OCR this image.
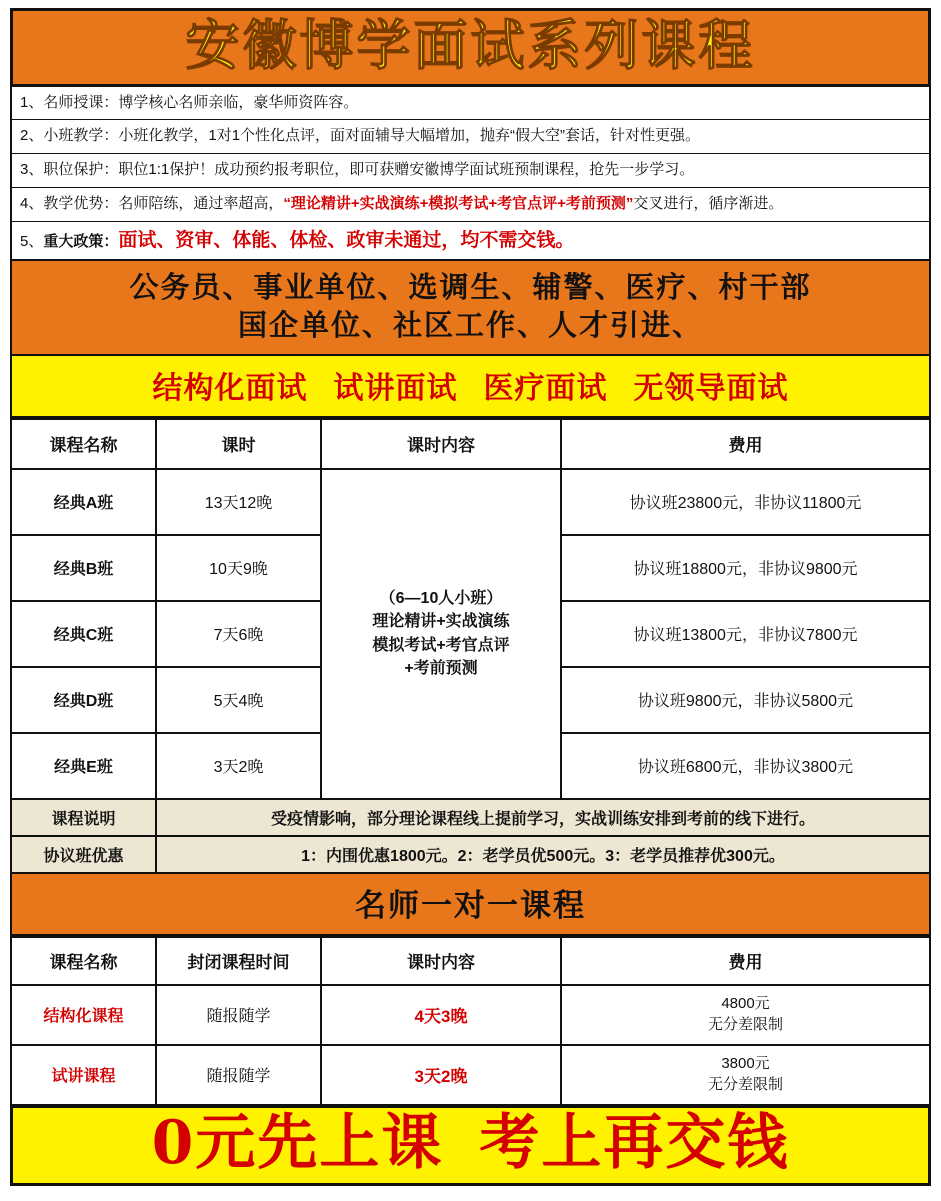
安徽博学面试系列课程
1、名师授课：博学核心名师亲临，豪华师资阵容。
2、小班教学：小班化教学，1对1个性化点评，面对面辅导大幅增加，抛弃“假大空”套话，针对性更强。
3、职位保护：职位1:1保护！成功预约报考职位，即可获赠安徽博学面试班预制课程，抢先一步学习。
4、教学优势：名师陪练，通过率超高，“理论精讲+实战演练+模拟考试+考官点评+考前预测”交叉进行，循序渐进。
5、重大政策：面试、资审、体能、体检、政审未通过，均不需交钱。
公务员、事业单位、选调生、辅警、医疗、村干部
国企单位、社区工作、人才引进、
结构化面试 试讲面试 医疗面试 无领导面试
课程名称	课时	课时内容	费用
经典A班	13天12晚	（6—10人小班）
理论精讲+实战演练
模拟考试+考官点评
+考前预测	协议班23800元，非协议11800元
经典B班	10天9晚		协议班18800元，非协议9800元
经典C班	7天6晚		协议班13800元，非协议7800元
经典D班	5天4晚		协议班9800元，非协议5800元
经典E班	3天2晚		协议班6800元，非协议3800元
课程说明	受疫情影响，部分理论课程线上提前学习，实战训练安排到考前的线下进行。		
协议班优惠	1：内围优惠1800元。2：老学员优500元。3：老学员推荐优300元。		
名师一对一课程
课程名称	封闭课程时间	课时内容	费用
结构化课程	随报随学	4天3晚	4800元
无分差限制

试讲课程	随报随学	3天2晚	3800元
无分差限制
0元先上课 考上再交钱
